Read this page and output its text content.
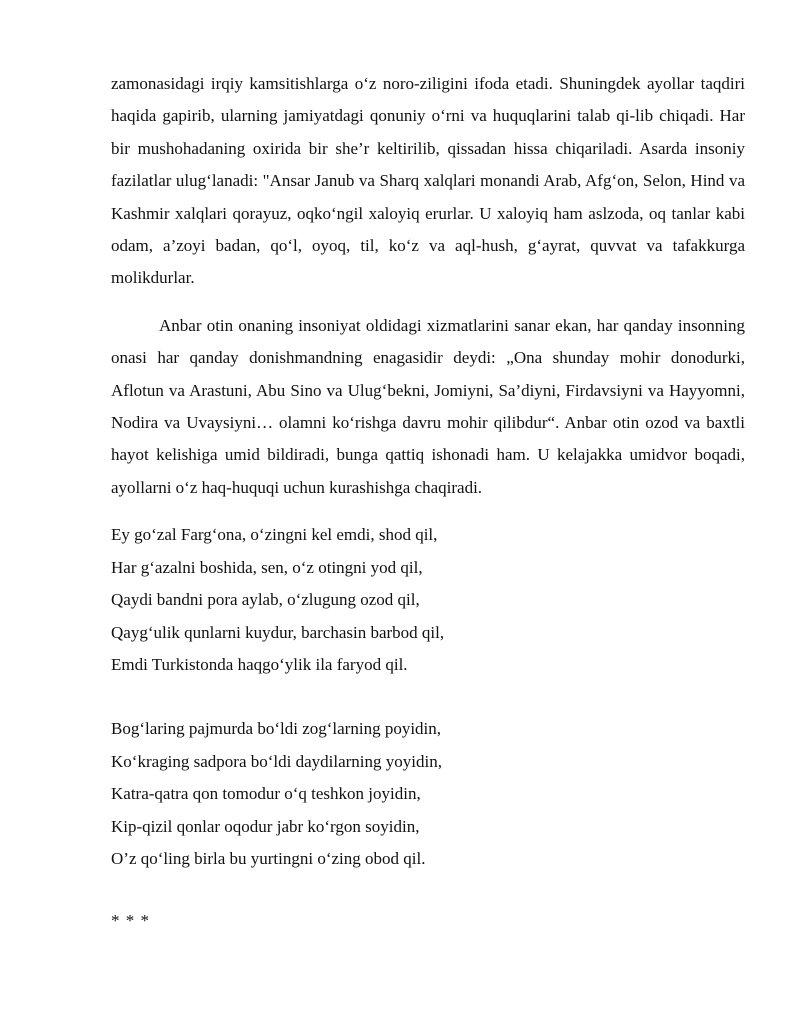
zamonasidagi irqiy kamsitishlarga o‘z noro-ziligini ifoda etadi. Shuningdek ayollar taqdiri haqida gapirib, ularning jamiyatdagi qonuniy o‘rni va huquqlarini talab qi-lib chiqadi. Har bir mushohadaning oxirida bir she’r keltirilib, qissadan hissa chiqariladi. Asarda insoniy fazilatlar ulug‘lanadi: "Ansar Janub va Sharq xalqlari monandi Arab, Afg‘on, Selon, Hind va Kashmir xalqlari qorayuz, oqko‘ngil xaloyiq erurlar. U xaloyiq ham aslzoda, oq tanlar kabi odam, a’zoyi badan, qo‘l, oyoq, til, ko‘z va aql-hush, g‘ayrat, quvvat va tafakkurga molikdurlar.

Anbar otin onaning insoniyat oldidagi xizmatlarini sanar ekan, har qanday insonning onasi har qanday donishmandning enagasidir deydi: „Ona shunday mohir donodurki, Aflotun va Arastuni, Abu Sino va Ulug‘bekni, Jomiyni, Sa’diyni, Firdavsiyni va Hayyomni, Nodira va Uvaysiyni… olamni ko‘rishga davru mohir qilibdur“. Anbar otin ozod va baxtli hayot kelishiga umid bildiradi, bunga qattiq ishonadi ham. U kelajakka umidvor boqadi, ayollarni o‘z haq-huquqi uchun kurashishga chaqiradi.

Ey go‘zal Farg‘ona, o‘zingni kel emdi, shod qil,
Har g‘azalni boshida, sen, o‘z otingni yod qil,
Qaydi bandni pora aylab, o‘zlugung ozod qil,
Qayg‘ulik qunlarni kuydur, barchasin barbod qil,
Emdi Turkistonda haqgo‘ylik ila faryod qil.
Bog‘laring pajmurda bo‘ldi zog‘larning poyidin,
Ko‘kraging sadpora bo‘ldi daydilarning yoyidin,
Katra-qatra qon tomodur o‘q teshkon joyidin,
Kip-qizil qonlar oqodur jabr ko‘rgon soyidin,
O’z qo‘ling birla bu yurtingni o‘zing obod qil.
* * *
